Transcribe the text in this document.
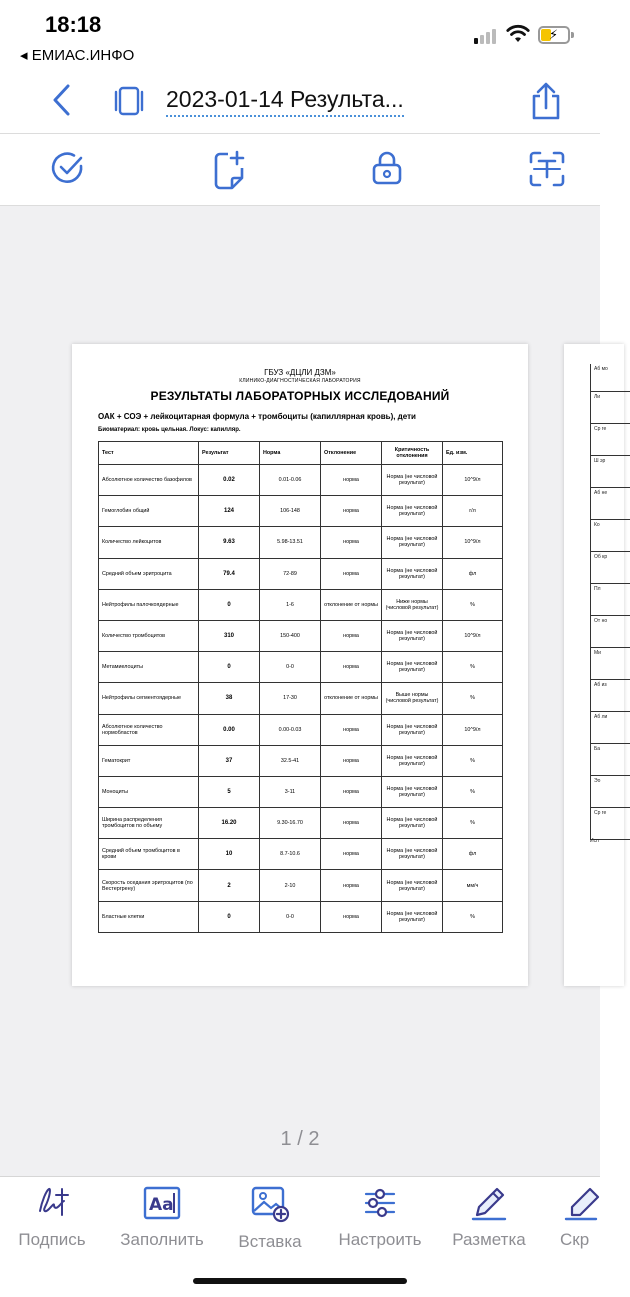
18:18
◂ ЕМИАС.ИНФО
⚡
2023-01-14 Результа...
ГБУЗ «ДЦЛИ ДЗМ»
КЛИНИКО-ДИАГНОСТИЧЕСКАЯ ЛАБОРАТОРИЯ
РЕЗУЛЬТАТЫ ЛАБОРАТОРНЫХ ИССЛЕДОВАНИЙ
ОАК + СОЭ + лейкоцитарная формула + тромбоциты (капиллярная кровь), дети
Биоматериал: кровь цельная. Локус: капилляр.
Тест	Результат	Норма	Отклонение	Критичность отклонения	Ед. изм.
Абсолютное количество базофилов	0.02	0.01-0.06	норма	Норма (не числовой результат)	10^9/л
Гемоглобин общий	124	106-148	норма	Норма (не числовой результат)	г/л
Количество лейкоцитов	9.63	5.98-13.51	норма	Норма (не числовой результат)	10^9/л
Средний объем эритроцита	79.4	72-89	норма	Норма (не числовой результат)	фл
Нейтрофилы палочкоядерные	0	1-6	отклонение от нормы	Ниже нормы (числовой результат)	%
Количество тромбоцитов	310	150-400	норма	Норма (не числовой результат)	10^9/л
Метамиелоциты	0	0-0	норма	Норма (не числовой результат)	%
Нейтрофилы сегментоядерные	38	17-30	отклонение от нормы	Выше нормы (числовой результат)	%
Абсолютное количество нормобластов	0.00	0.00-0.03	норма	Норма (не числовой результат)	10^9/л
Гематокрит	37	32.5-41	норма	Норма (не числовой результат)	%
Моноциты	5	3-11	норма	Норма (не числовой результат)	%
Ширина распределения тромбоцитов по объему	16.20	9.30-16.70	норма	Норма (не числовой результат)	%
Средний объем тромбоцитов в крови	10	8.7-10.6	норма	Норма (не числовой результат)	фл
Скорость оседания эритроцитов (по Вестергрену)	2	2-10	норма	Норма (не числовой результат)	мм/ч
Бластные клетки	0	0-0	норма	Норма (не числовой результат)	%
Аб мо
Ли
Ср ге
Ш эр
Аб не
Ко
Об кр
Пл
От но
Ми
Аб из
Аб ли
Ба
Эо
Ср ге
Исп
1 / 2
Подпись
Aa
Заполнить	Вставка	Настроить	Разметка	Скр
